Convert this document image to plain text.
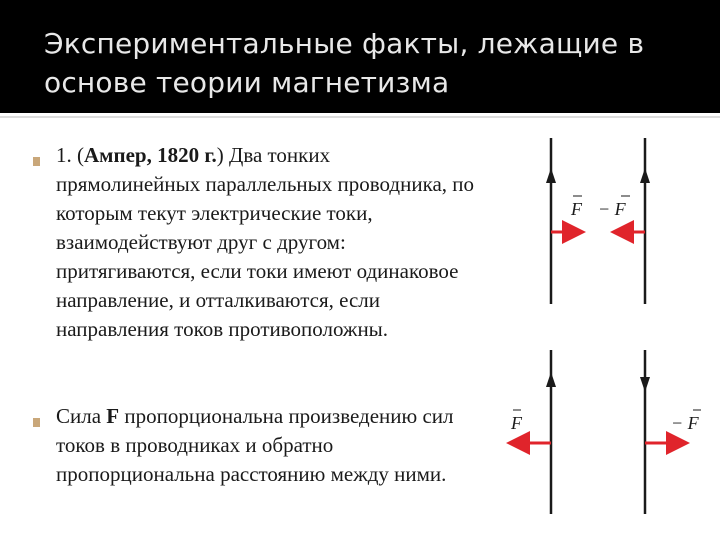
Экспериментальные факты, лежащие в основе теории магнетизма

1. (Ампер, 1820 г.) Два тонких прямолинейных параллельных проводника, по которым текут электрические токи, взаимодействуют друг с другом: притягиваются, если токи имеют одинаковое направление, и отталкиваются, если направления токов противоположны.

Сила F пропорциональна произведению сил токов в проводниках и обратно пропорциональна расстоянию между ними.

F − F
F	− F
